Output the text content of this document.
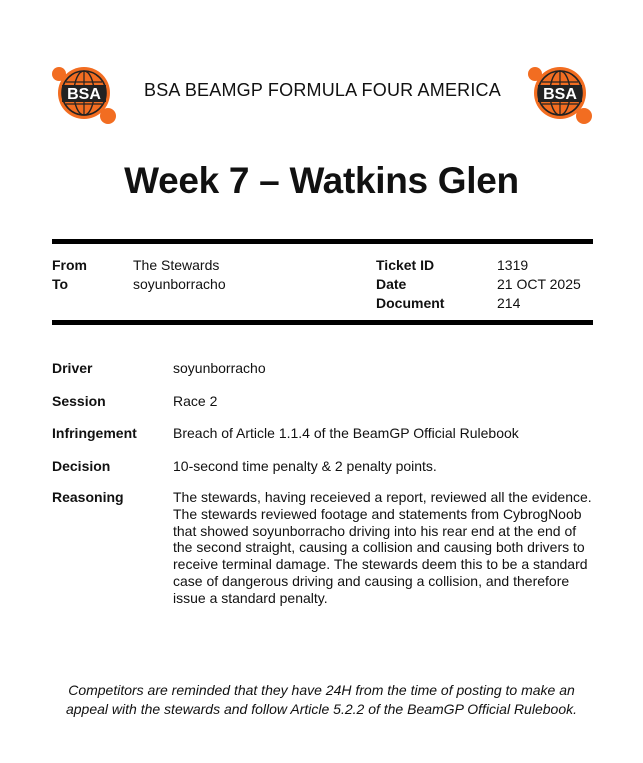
BSA	BSA BEAMGP FORMULA FOUR AMERICA	BSA
Week 7 – Watkins Glen
From	The Stewards
To	soyunborracho
Ticket ID	1319
Date	21 OCT 2025
Document	214
Driver	soyunborracho
Session	Race 2
Infringement	Breach of Article 1.1.4 of the BeamGP Official Rulebook
Decision	10-second time penalty & 2 penalty points.
Reasoning	The stewards, having receieved a report, reviewed all the evidence.
The stewards reviewed footage and statements from CybrogNoob
that showed soyunborracho driving into his rear end at the end of
the second straight, causing a collision and causing both drivers to
receive terminal damage. The stewards deem this to be a standard
case of dangerous driving and causing a collision, and therefore
issue a standard penalty.
Competitors are reminded that they have 24H from the time of posting to make an
appeal with the stewards and follow Article 5.2.2 of the BeamGP Official Rulebook.
